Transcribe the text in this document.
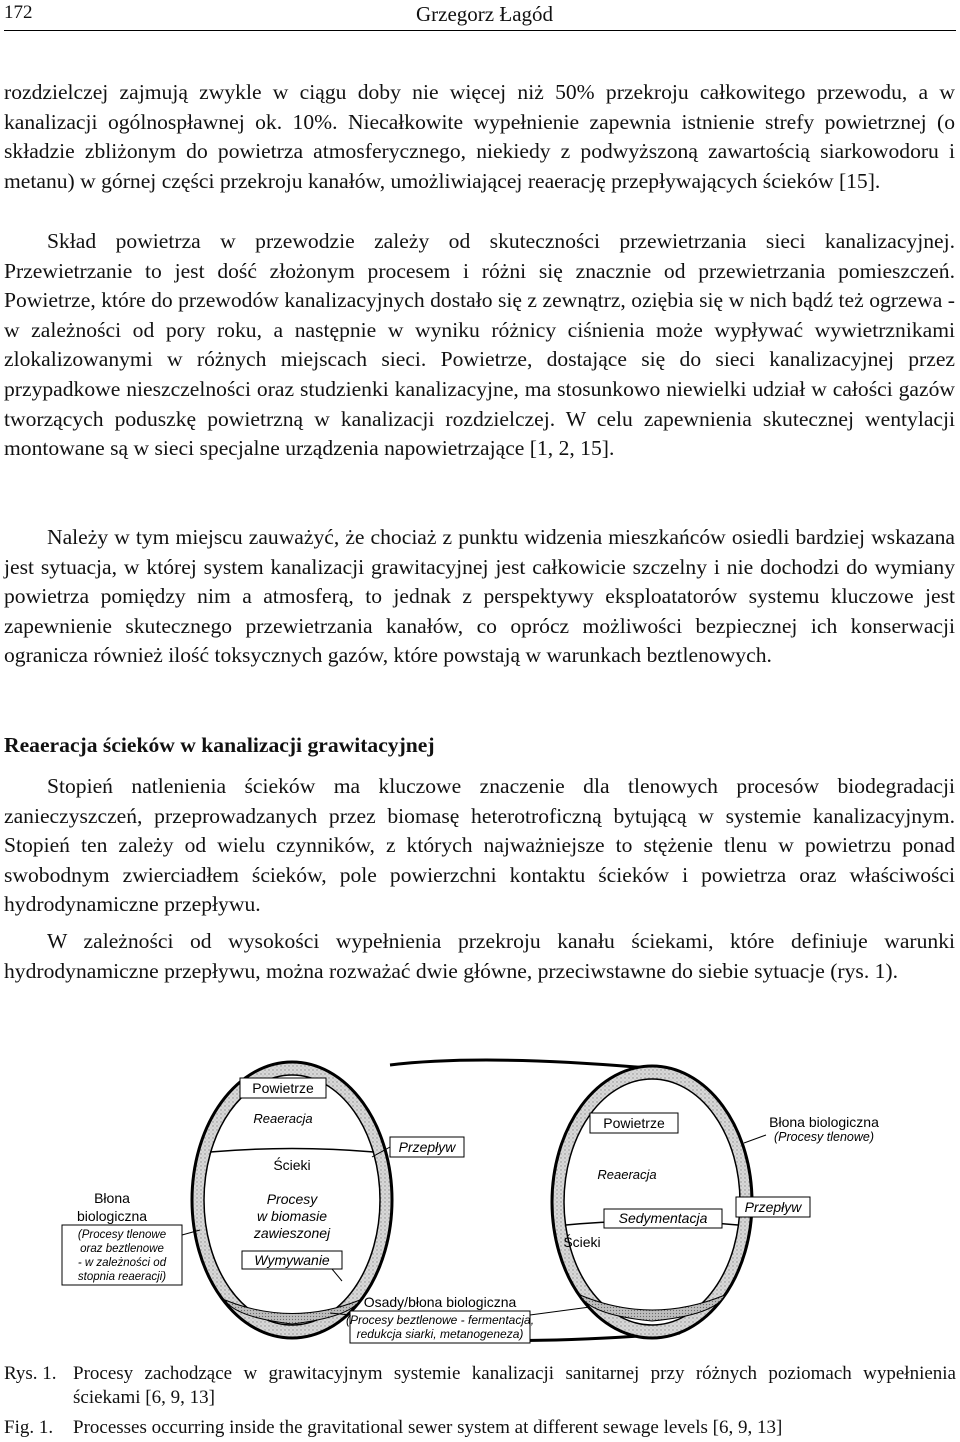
172	Grzegorz Łagód

rozdzielczej zajmują zwykle w ciągu doby nie więcej niż 50% przekroju całkowitego przewodu, a w kanalizacji ogólnospławnej ok. 10%. Niecałkowite wypełnienie zapewnia istnienie strefy powietrznej (o składzie zbliżonym do powietrza atmosferycznego, niekiedy z podwyższoną zawartością siarkowodoru i metanu) w górnej części przekroju kanałów, umożliwiającej reaerację przepływających ścieków [15].

Skład powietrza w przewodzie zależy od skuteczności przewietrzania sieci kanalizacyjnej. Przewietrzanie to jest dość złożonym procesem i różni się znacznie od przewietrzania pomieszczeń. Powietrze, które do przewodów kanalizacyjnych dostało się z zewnątrz, oziębia się w nich bądź też ogrzewa - w zależności od pory roku, a następnie w wyniku różnicy ciśnienia może wypływać wywietrznikami zlokalizowanymi w różnych miejscach sieci. Powietrze, dostające się do sieci kanalizacyjnej przez przypadkowe nieszczelności oraz studzienki kanalizacyjne, ma stosunkowo niewielki udział w całości gazów tworzących poduszkę powietrzną w kanalizacji rozdzielczej. W celu zapewnienia skutecznej wentylacji montowane są w sieci specjalne urządzenia napowietrzające [1, 2, 15].

Należy w tym miejscu zauważyć, że chociaż z punktu widzenia mieszkańców osiedli bardziej wskazana jest sytuacja, w której system kanalizacji grawitacyjnej jest całkowicie szczelny i nie dochodzi do wymiany powietrza pomiędzy nim a atmosferą, to jednak z perspektywy eksploatatorów systemu kluczowe jest zapewnienie skutecznego przewietrzania kanałów, co oprócz możliwości bezpiecznej ich konserwacji ogranicza również ilość toksycznych gazów, które powstają w warunkach beztlenowych.

Reaeracja ścieków w kanalizacji grawitacyjnej

Stopień natlenienia ścieków ma kluczowe znaczenie dla tlenowych procesów biodegradacji zanieczyszczeń, przeprowadzanych przez biomasę heterotroficzną bytującą w systemie kanalizacyjnym. Stopień ten zależy od wielu czynników, z których najważniejsze to stężenie tlenu w powietrzu ponad swobodnym zwierciadłem ścieków, pole powierzchni kontaktu ścieków i powietrza oraz właściwości hydrodynamiczne przepływu.

W zależności od wysokości wypełnienia przekroju kanału ściekami, które definiuje warunki hydrodynamiczne przepływu, można rozważać dwie główne, przeciwstawne do siebie sytuacje (rys. 1).

Powietrze
Reaeracja
Ścieki
Procesy
w biomasie
zawieszonej
Wymywanie
Przepływ
Błona
biologiczna
(Procesy tlenowe
oraz beztlenowe
- w zależności od
stopnia reaeracji)
Powietrze
Reaeracja
Sedymentacja
Ścieki
Przepływ
Błona biologiczna
(Procesy tlenowe)
Osady/błona biologiczna
(Procesy beztlenowe - fermentacja,
redukcja siarki, metanogeneza)
Rys. 1. Procesy zachodzące w grawitacyjnym systemie kanalizacji sanitarnej przy różnych poziomach wypełnienia ściekami [6, 9, 13]
Fig. 1. Processes occurring inside the gravitational sewer system at different sewage levels [6, 9, 13]
